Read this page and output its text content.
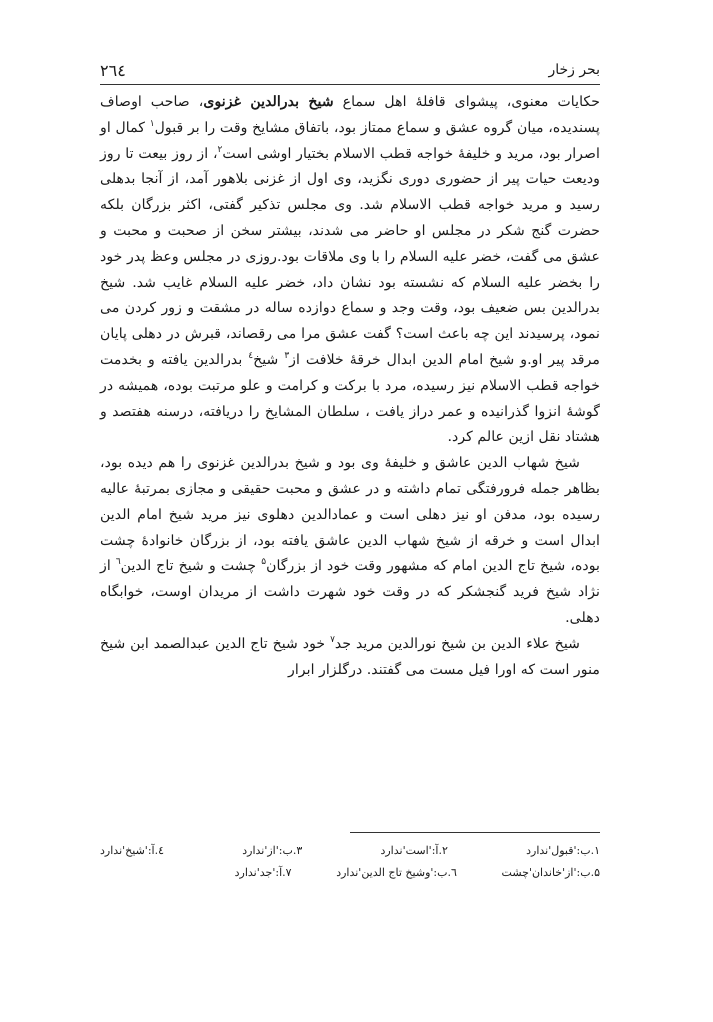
۲٦٤	بحر زخار

حکایات معنوی، پیشوای قافلهٔ اهل سماع شیخ بدرالدین غزنوی، صاحب اوصاف پسندیده، میان گروه عشق و سماع ممتاز بود، باتفاق مشایخ وقت را بر قبول$^۱$ کمال او اصرار بود، مرید و خلیفهٔ خواجه قطب الاسلام بختیار اوشی است$^۲$، از روز بیعت تا روز ودیعت حیات پیر از حضوری دوری نگزید، وی اول از غزنی بلاهور آمد، از آنجا بدهلی رسید و مرید خواجه قطب الاسلام شد. وی مجلس تذکیر گفتی، اکثر بزرگان بلکه حضرت گنج شکر در مجلس او حاضر می شدند، بیشتر سخن از صحبت و محبت و عشق می گفت، خضر علیه السلام را با وی ملاقات بود.روزی در مجلس وعظ پدر خود را بخضر علیه السلام که نشسته بود نشان داد، خضر علیه السلام غایب شد. شیخ بدرالدین بس ضعیف بود، وقت وجد و سماع دوازده ساله در مشقت و زور کردن می نمود، پرسیدند این چه باعث است؟ گفت عشق مرا می رقصاند، قبرش در دهلی پایان مرقد پیر او.و شیخ امام الدین ابدال خرقهٔ خلافت از$^۳$ شیخ$^٤$ بدرالدین یافته و بخدمت خواجه قطب الاسلام نیز رسیده، مرد با برکت و کرامت و علو مرتبت بوده، همیشه در گوشهٔ انزوا گذرانیده و عمر دراز یافت ، سلطان المشایخ را دریافته، درسنه هفتصد و هشتاد نقل ازین عالم کرد.

شیخ شهاب الدین عاشق و خلیفهٔ وی بود و شیخ بدرالدین غزنوی را هم دیده بود، بظاهر جمله فرورفتگی تمام داشته و در عشق و محبت حقیقی و مجازی بمرتبهٔ عالیه رسیده بود، مدفن او نیز دهلی است و عمادالدین دهلوی نیز مرید شیخ امام الدین ابدال است و خرقه از شیخ شهاب الدین عاشق یافته بود، از بزرگان خانوادهٔ چشت بوده، شیخ تاج الدین امام که مشهور وقت خود از بزرگان$^۵$ چشت و شیخ تاج الدین$^٦$ از نژاد شیخ فرید گنجشکر که در وقت خود شهرت داشت از مریدان اوست، خوابگاه دهلی.

شیخ علاء الدین بن شیخ نورالدین مرید جد$^۷$ خود شیخ تاج الدین عبدالصمد ابن شیخ منور است که اورا فیل مست می گفتند. درگلزار ابرار

۱.ب:'قبول'ندارد
۲.آ:'است'ندارد
۳.ب:'از'ندارد
٤.آ:'شیخ'ندارد
۵.ب:'از'خاندان'چشت
٦.ب:'وشیخ تاج الدین'ندارد
۷.آ:'جد'ندارد
